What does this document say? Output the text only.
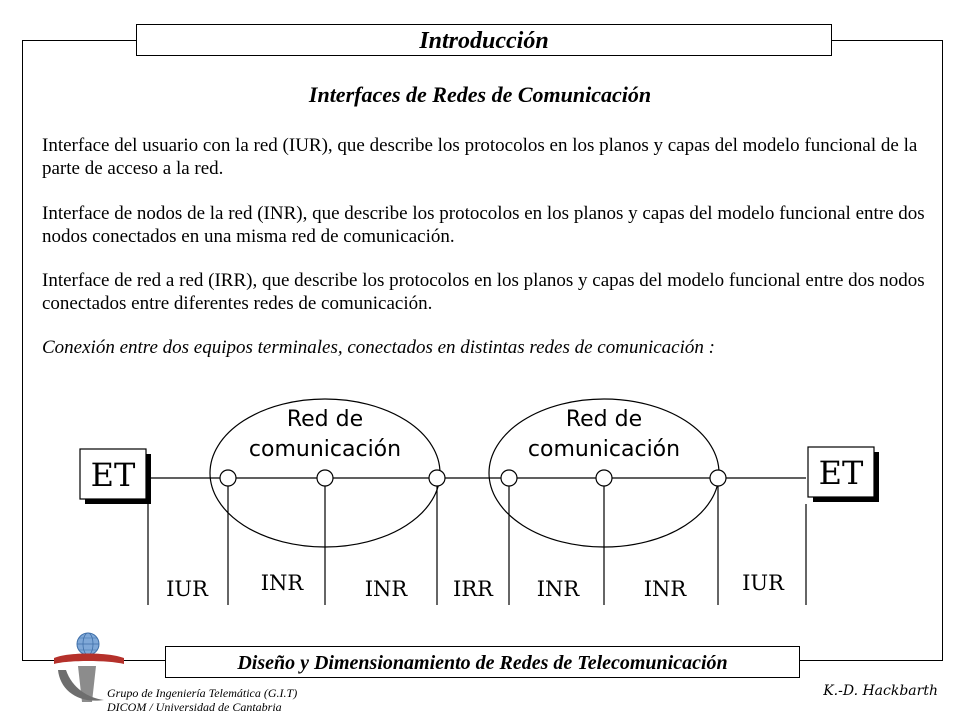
Introducción
Interfaces de Redes de Comunicación
Interface del usuario con la red (IUR), que describe los protocolos en los planos y capas del modelo funcional de la parte de acceso a la red.
Interface de nodos de la red (INR), que describe los protocolos en los planos y capas del modelo funcional entre dos nodos conectados en una misma red de comunicación.
Interface de red a red (IRR), que describe los protocolos en los planos y capas del modelo funcional entre dos nodos conectados entre diferentes redes de comunicación.
Conexión entre dos equipos terminales, conectados en distintas redes de comunicación :
Red de
comunicación
Red de
comunicación
ET	ET
IUR	INR	INR IRR INR	INR	IUR
Diseño y Dimensionamiento de Redes de Telecomunicación
Grupo de Ingeniería Telemática (G.I.T)
DICOM / Universidad de Cantabria
K.-D. Hackbarth
